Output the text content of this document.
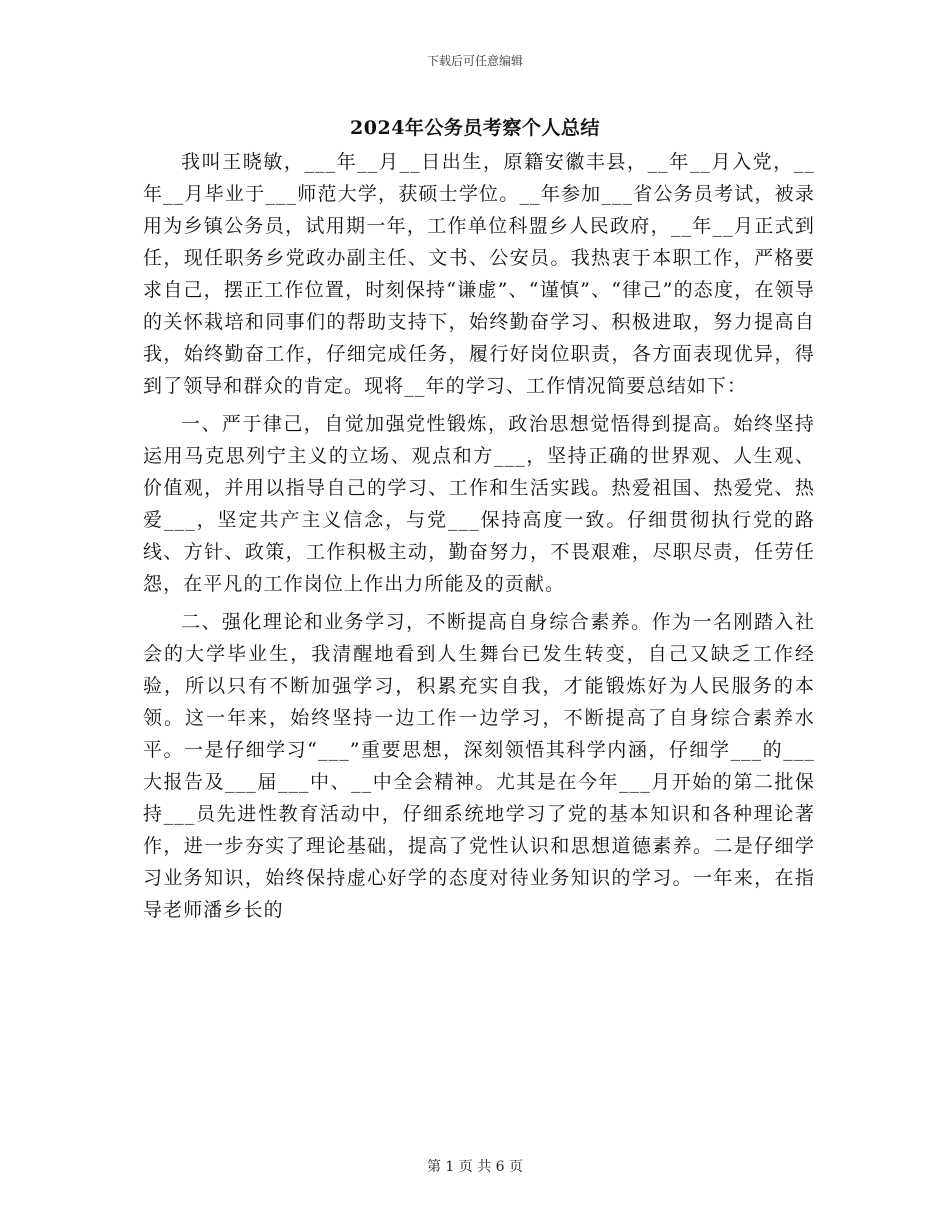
下载后可任意编辑
2024年公务员考察个人总结

我叫王晓敏，___年__月__日出生，原籍安徽丰县，__年__月入党，__年__月毕业于___师范大学，获硕士学位。__年参加___省公务员考试，被录用为乡镇公务员，试用期一年，工作单位科盟乡人民政府，__年__月正式到任，现任职务乡党政办副主任、文书、公安员。我热衷于本职工作，严格要求自己，摆正工作位置，时刻保持“谦虚”、“谨慎”、“律己”的态度，在领导的关怀栽培和同事们的帮助支持下，始终勤奋学习、积极进取，努力提高自我，始终勤奋工作，仔细完成任务，履行好岗位职责，各方面表现优异，得到了领导和群众的肯定。现将__年的学习、工作情况简要总结如下：

一、严于律己，自觉加强党性锻炼，政治思想觉悟得到提高。始终坚持运用马克思列宁主义的立场、观点和方___，坚持正确的世界观、人生观、价值观，并用以指导自己的学习、工作和生活实践。热爱祖国、热爱党、热爱___，坚定共产主义信念，与党___保持高度一致。仔细贯彻执行党的路线、方针、政策，工作积极主动，勤奋努力，不畏艰难，尽职尽责，任劳任怨，在平凡的工作岗位上作出力所能及的贡献。

二、强化理论和业务学习，不断提高自身综合素养。作为一名刚踏入社会的大学毕业生，我清醒地看到人生舞台已发生转变，自己又缺乏工作经验，所以只有不断加强学习，积累充实自我，才能锻炼好为人民服务的本领。这一年来，始终坚持一边工作一边学习，不断提高了自身综合素养水平。一是仔细学习“___”重要思想，深刻领悟其科学内涵，仔细学___的___大报告及___届___中、__中全会精神。尤其是在今年___月开始的第二批保持___员先进性教育活动中，仔细系统地学习了党的基本知识和各种理论著作，进一步夯实了理论基础，提高了党性认识和思想道德素养。二是仔细学习业务知识，始终保持虚心好学的态度对待业务知识的学习。一年来，在指导老师潘乡长的

第 1 页 共 6 页
